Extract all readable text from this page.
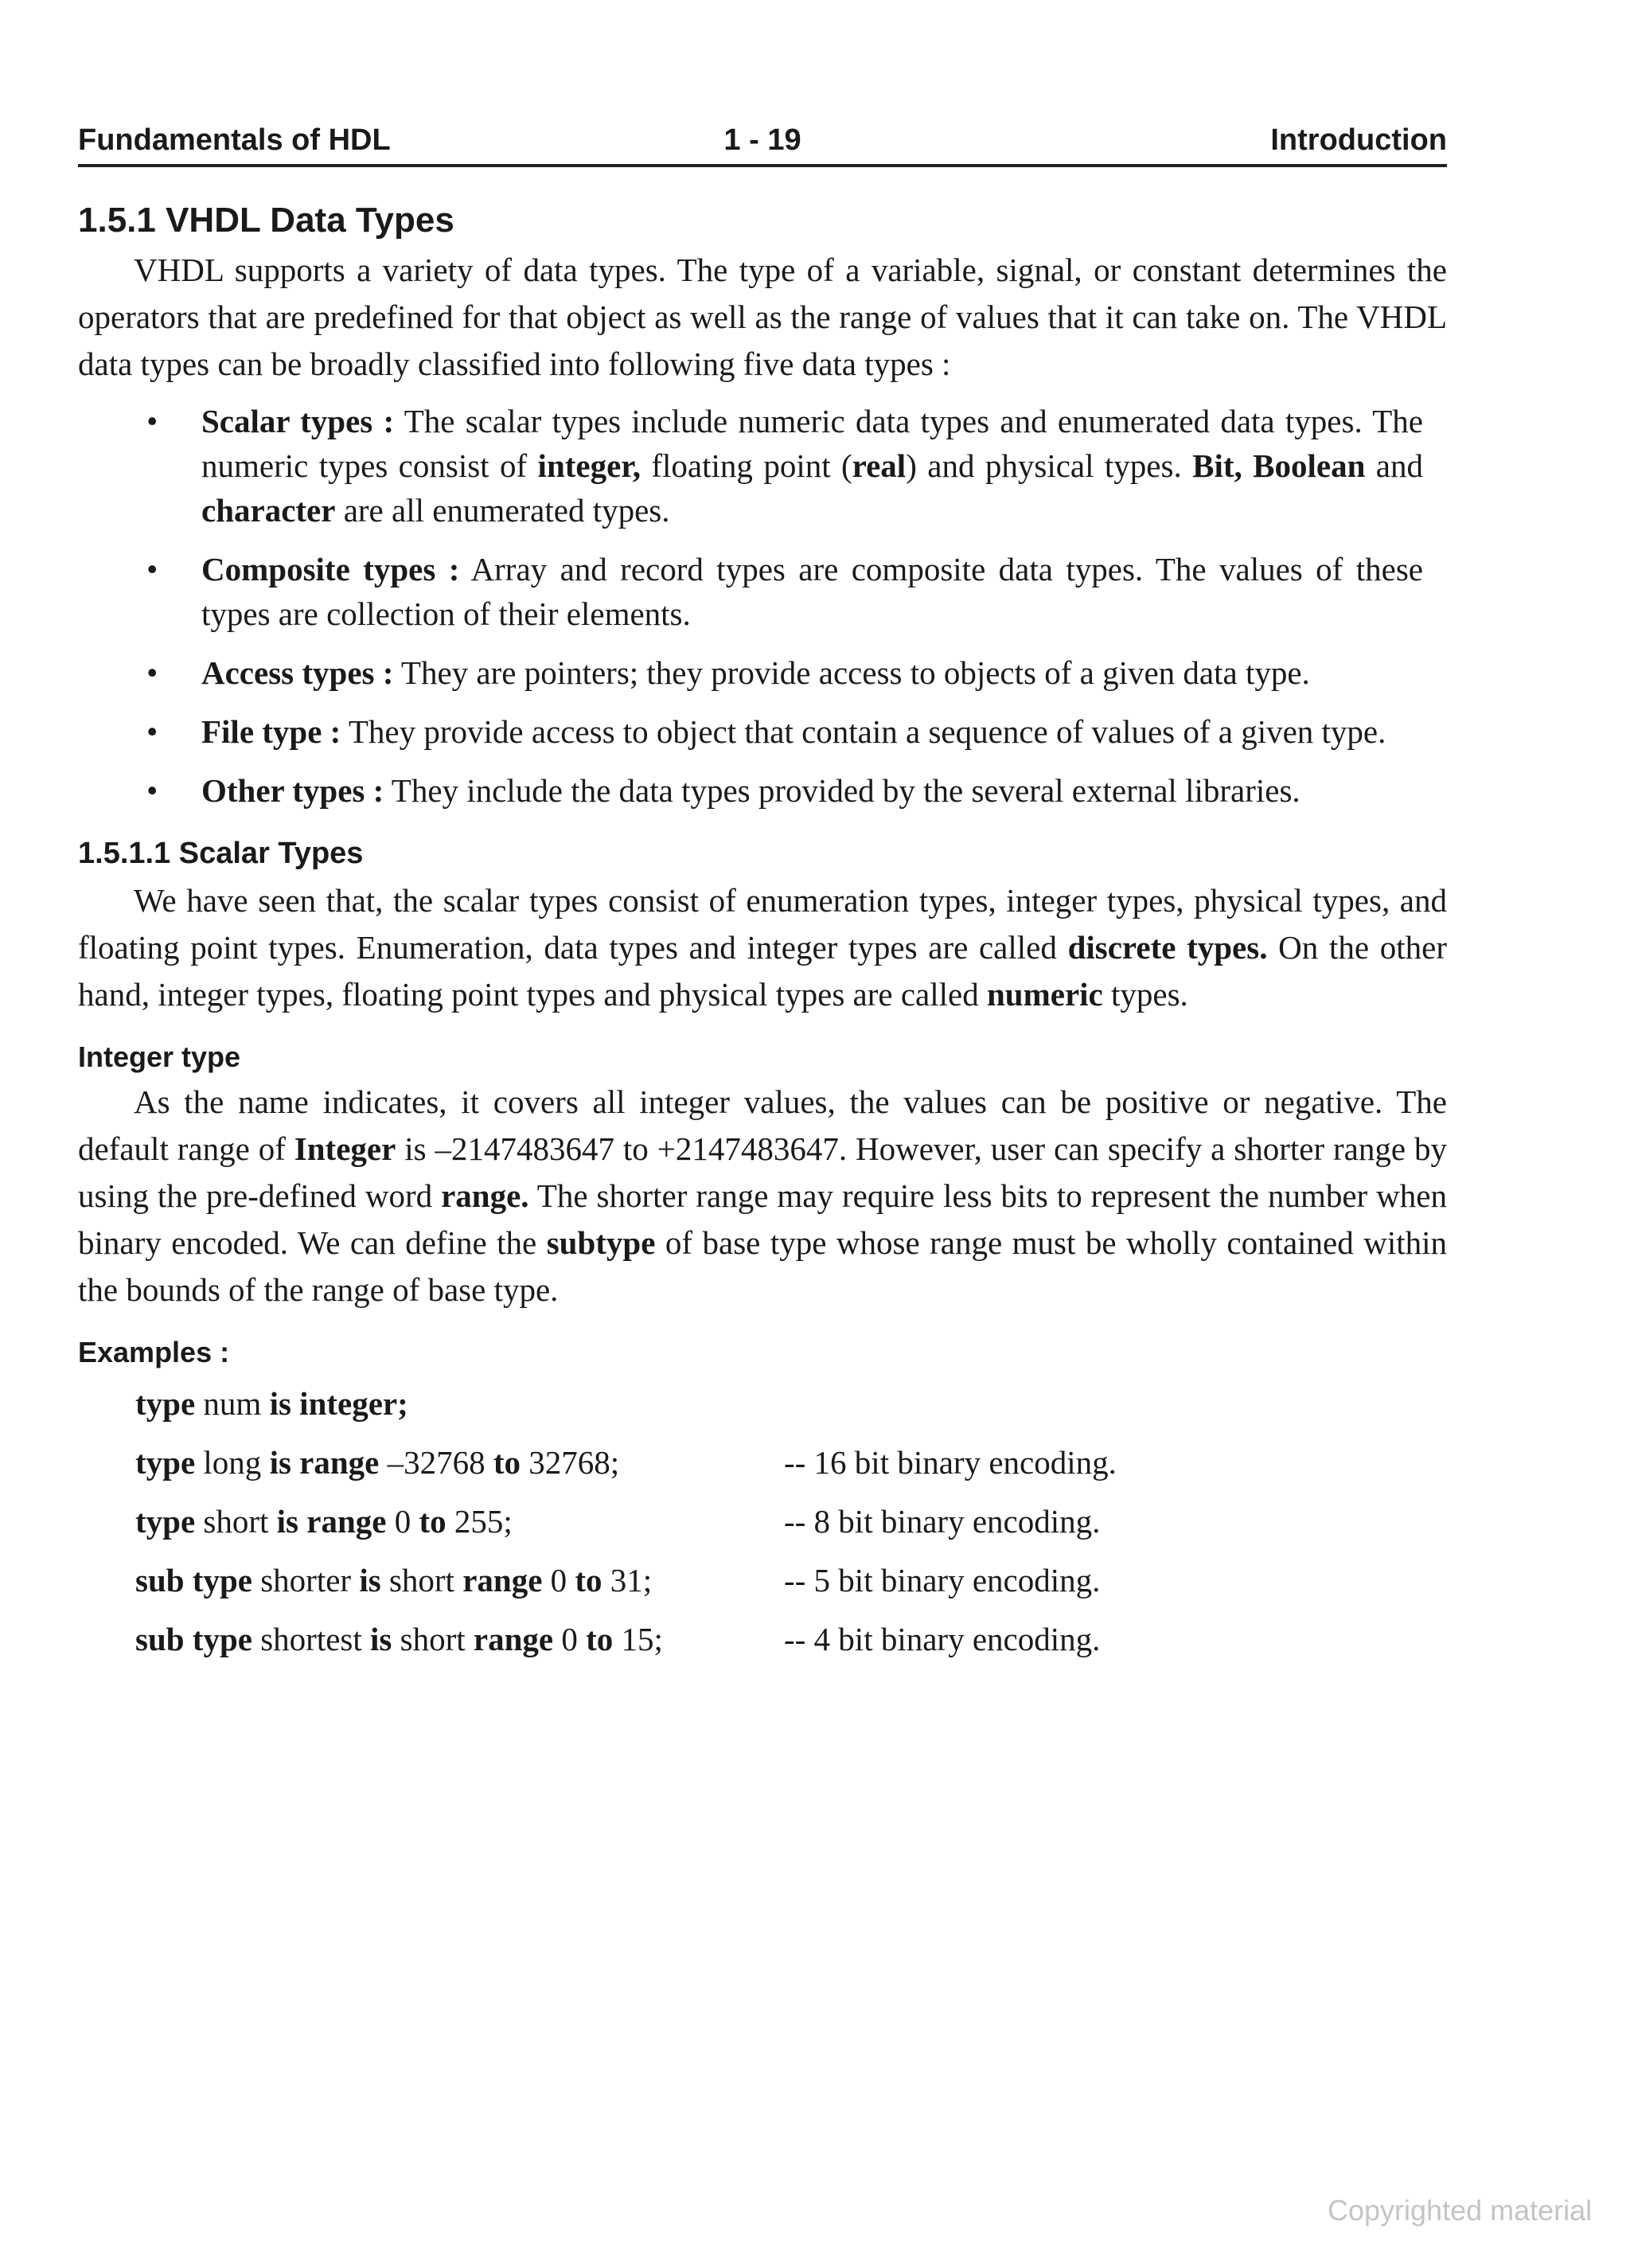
Fundamentals of HDL	1 - 19	Introduction
1.5.1 VHDL Data Types

VHDL supports a variety of data types. The type of a variable, signal, or constant determines the operators that are predefined for that object as well as the range of values that it can take on. The VHDL data types can be broadly classified into following five data types :

• Scalar types : The scalar types include numeric data types and enumerated data types. The numeric types consist of integer, floating point (real) and physical types. Bit, Boolean and character are all enumerated types.
• Composite types : Array and record types are composite data types. The values of these types are collection of their elements.
• Access types : They are pointers; they provide access to objects of a given data type.
• File type : They provide access to object that contain a sequence of values of a given type.
• Other types : They include the data types provided by the several external libraries.
1.5.1.1 Scalar Types

We have seen that, the scalar types consist of enumeration types, integer types, physical types, and floating point types. Enumeration, data types and integer types are called discrete types. On the other hand, integer types, floating point types and physical types are called numeric types.

Integer type

As the name indicates, it covers all integer values, the values can be positive or negative. The default range of Integer is –2147483647 to +2147483647. However, user can specify a shorter range by using the pre-defined word range. The shorter range may require less bits to represent the number when binary encoded. We can define the subtype of base type whose range must be wholly contained within the bounds of the range of base type.

Examples :
type num is integer;
type long is range –32768 to 32768;	-- 16 bit binary encoding.
type short is range 0 to 255;	-- 8 bit binary encoding.
sub type shorter is short range 0 to 31;	-- 5 bit binary encoding.
sub type shortest is short range 0 to 15;	-- 4 bit binary encoding.
Copyrighted material
